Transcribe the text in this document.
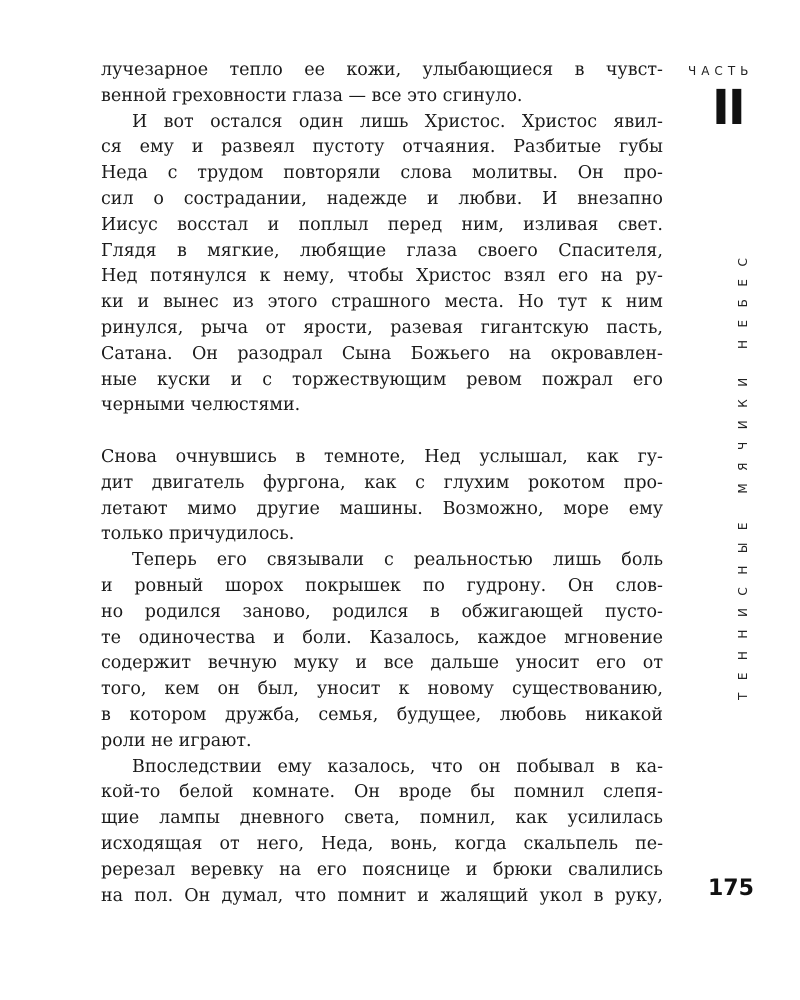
лучезарное тепло ее кожи, улыбающиеся в чувст-
венной греховности глаза — все это сгинуло.
И вот остался один лишь Христос. Христос явил-
ся ему и развеял пустоту отчаяния. Разбитые губы
Неда с трудом повторяли слова молитвы. Он про-
сил о сострадании, надежде и любви. И внезапно
Иисус восстал и поплыл перед ним, изливая свет.
Глядя в мягкие, любящие глаза своего Спасителя,
Нед потянулся к нему, чтобы Христос взял его на ру-
ки и вынес из этого страшного места. Но тут к ним
ринулся, рыча от ярости, разевая гигантскую пасть,
Сатана. Он разодрал Сына Божьего на окровавлен-
ные куски и с торжествующим ревом пожрал его
черными челюстями.
Снова очнувшись в темноте, Нед услышал, как гу-
дит двигатель фургона, как с глухим рокотом про-
летают мимо другие машины. Возможно, море ему
только причудилось.
Теперь его связывали с реальностью лишь боль
и ровный шорох покрышек по гудрону. Он слов-
но родился заново, родился в обжигающей пусто-
те одиночества и боли. Казалось, каждое мгновение
содержит вечную муку и все дальше уносит его от
того, кем он был, уносит к новому существованию,
в котором дружба, семья, будущее, любовь никакой
роли не играют.
Впоследствии ему казалось, что он побывал в ка-
кой-то белой комнате. Он вроде бы помнил слепя-
щие лампы дневного света, помнил, как усилилась
исходящая от него, Неда, вонь, когда скальпель пе-
ререзал веревку на его пояснице и брюки свалились
на пол. Он думал, что помнит и жалящий укол в руку,
ЧАСТЬ
II
ТЕННИСНЫЕ МЯЧИКИ НЕБЕС
175
